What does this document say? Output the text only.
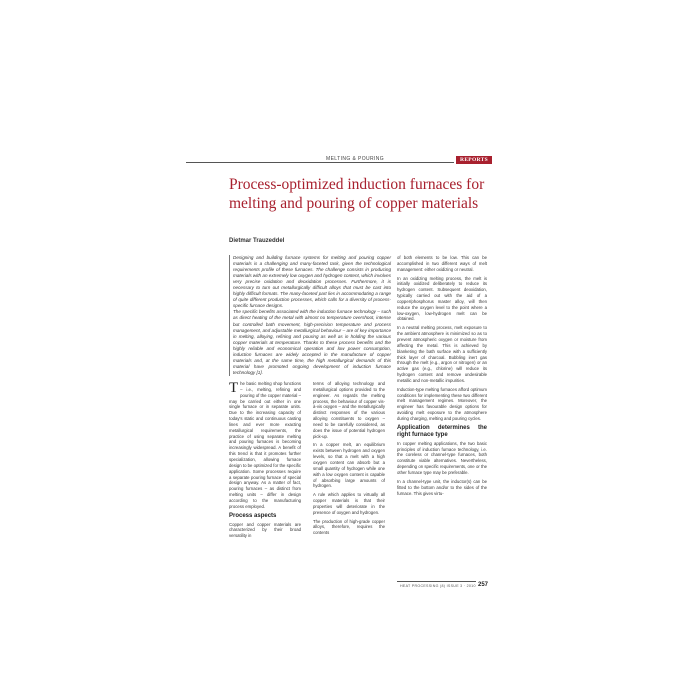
MELTING & POURING	REPORTS
Process-optimized induction furnaces for melting and pouring of copper materials
Dietmar Trauzeddel

Designing and building furnace systems for melting and pouring copper materials is a challenging and many-faceted task, given the technological requirements profile of these furnaces. The challenge consists in producing materials with an extremely low oxygen and hydrogen content, which involves very precise oxidation and deoxidation processes. Furthermore, it is necessary to turn out metallurgically difficult alloys that must be cast into highly difficult formats. The many-faceted part lies in accommodating a range of quite different production processes, which calls for a diversity of process-specific furnace designs.

The specific benefits associated with the induction furnace technology – such as direct heating of the metal with almost no temperature overshoot, intense but controlled bath movement, high-precision temperature and process management, and adjustable metallurgical behaviour – are of key importance in melting, alloying, refining and pouring as well as in holding the various copper materials at temperature. Thanks to these process benefits and the highly reliable and economical operation and low power consumption, induction furnaces are widely accepted in the manufacture of copper materials and, at the same time, the high metallurgical demands of this material have promoted ongoing development of induction furnace technology [1].

The basic melting shop functions – i.e., melting, refining and pouring of the copper material – may be carried out either in one single furnace or in separate units. Due to the increasing capacity of today's static and continuous casting lines and ever more exacting metallurgical requirements, the practice of using separate melting and pouring furnaces is becoming increasingly widespread. A benefit of this trend is that it promotes further specialization, allowing furnace design to be optimized for the specific application. Some processes require a separate pouring furnace of special design anyway. As a matter of fact, pouring furnaces – as distinct from melting units – differ in design according to the manufacturing process employed.

Process aspects

Copper and copper materials are characterized by their broad versatility in

terms of alloying technology and metallurgical options provided to the engineer. As regards the melting process, the behaviour of copper vis-à-vis oxygen – and the metallurgically distinct responses of the various alloying constituents to oxygen – need to be carefully considered, as does the issue of potential hydrogen pick-up.

In a copper melt, an equilibrium exists between hydrogen and oxygen levels, so that a melt with a high oxygen content can absorb but a small quantity of hydrogen while one with a low oxygen content is capable of absorbing large amounts of hydrogen.

A rule which applies to virtually all copper materials is that their properties will deteriorate in the presence of oxygen and hydrogen.

The production of high-grade copper alloys, therefore, requires the contents

of both elements to be low. This can be accomplished in two different ways of melt management: either oxidizing or neutral.

In an oxidizing melting process, the melt is initially oxidized deliberately to reduce its hydrogen content. Subsequent deoxidation, typically carried out with the aid of a copper/phosphorus master alloy, will then reduce the oxygen level to the point where a low-oxygen, low-hydrogen melt can be obtained.

In a neutral melting process, melt exposure to the ambient atmosphere is minimized so as to prevent atmospheric oxygen or moisture from affecting the metal. This is achieved by blanketing the bath surface with a sufficiently thick layer of charcoal. Bubbling inert gas through the melt (e.g., argon or nitrogen) or an active gas (e.g., chlorine) will reduce its hydrogen content and remove undesirable metallic and non-metallic impurities.

Induction-type melting furnaces afford optimum conditions for implementing these two different melt management regimes. Moreover, the engineer has favourable design options for avoiding melt exposure to the atmosphere during charging, melting and pouring cycles.

Application determines the right furnace type

In copper melting applications, the two basic principles of induction furnace technology, i.e. the coreless or channel-type furnaces, both constitute viable alternatives. Nevertheless, depending on specific requirements, one or the other furnace type may be preferable.

In a channel-type unit, the inductor(s) can be fitted to the bottom and/or to the sides of the furnace. This gives virtu-

HEAT PROCESSING (8) ISSUE 3 · 2010 257
